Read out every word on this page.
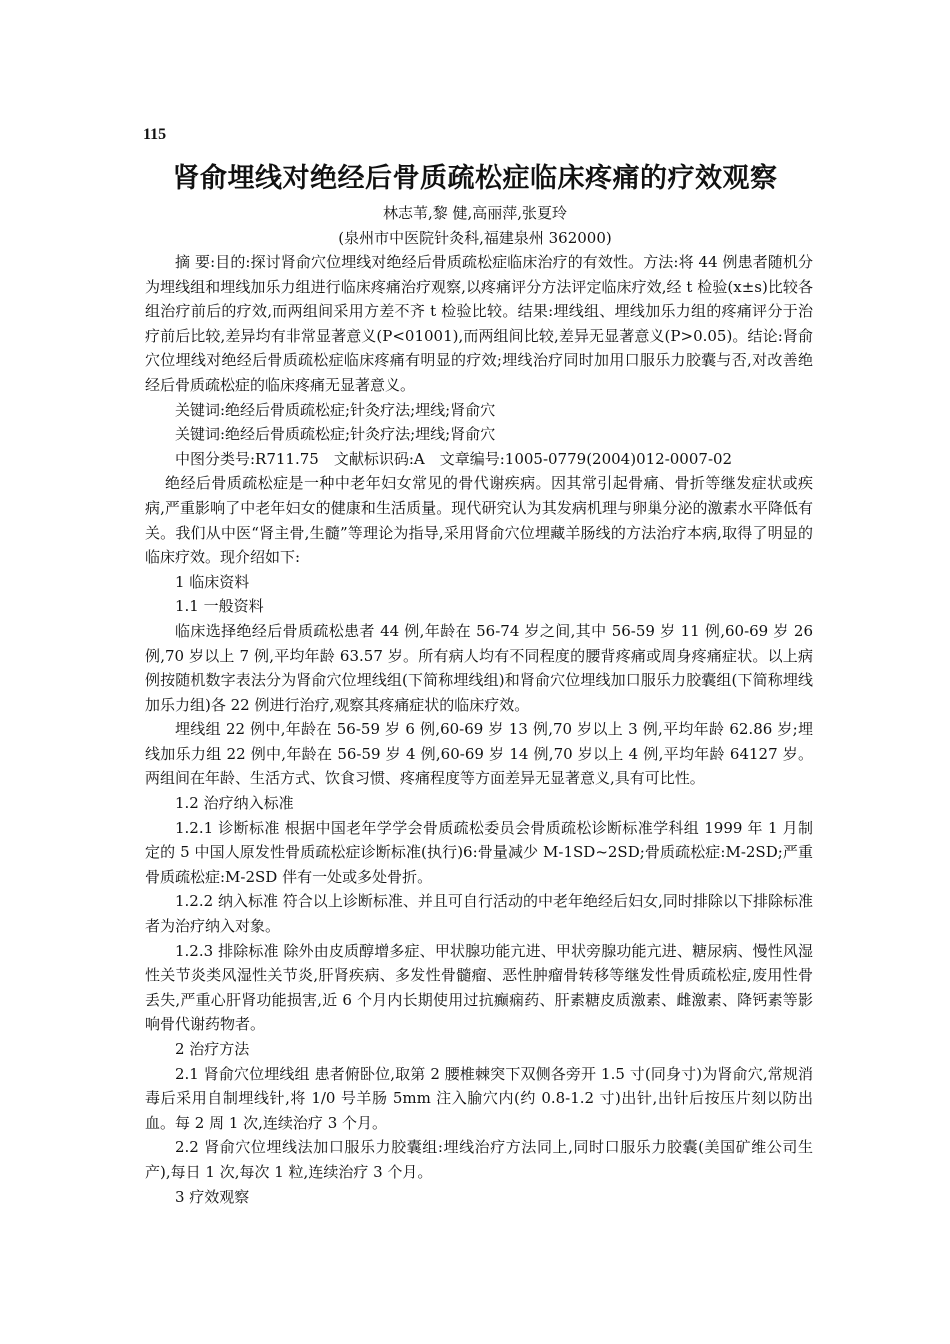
115
肾俞埋线对绝经后骨质疏松症临床疼痛的疗效观察
林志苇,黎 健,高丽萍,张夏玲
(泉州市中医院针灸科,福建泉州 362000)

摘 要:目的:探讨肾俞穴位埋线对绝经后骨质疏松症临床治疗的有效性。方法:将 44 例患者随机分为埋线组和埋线加乐力组进行临床疼痛治疗观察,以疼痛评分方法评定临床疗效,经 t 检验(x±s)比较各组治疗前后的疗效,而两组间采用方差不齐 t 检验比较。结果:埋线组、埋线加乐力组的疼痛评分于治疗前后比较,差异均有非常显著意义(P<01001),而两组间比较,差异无显著意义(P>0.05)。结论:肾俞穴位埋线对绝经后骨质疏松症临床疼痛有明显的疗效;埋线治疗同时加用口服乐力胶囊与否,对改善绝经后骨质疏松症的临床疼痛无显著意义。

关键词:绝经后骨质疏松症;针灸疗法;埋线;肾俞穴

关键词:绝经后骨质疏松症;针灸疗法;埋线;肾俞穴

中图分类号:R711.75　文献标识码:A　文章编号:1005-0779(2004)012-0007-02

绝经后骨质疏松症是一种中老年妇女常见的骨代谢疾病。因其常引起骨痛、骨折等继发症状或疾病,严重影响了中老年妇女的健康和生活质量。现代研究认为其发病机理与卵巢分泌的激素水平降低有关。我们从中医“肾主骨,生髓”等理论为指导,采用肾俞穴位埋藏羊肠线的方法治疗本病,取得了明显的临床疗效。现介绍如下:

1 临床资料

1.1 一般资料

临床选择绝经后骨质疏松患者 44 例,年龄在 56-74 岁之间,其中 56-59 岁 11 例,60-69 岁 26 例,70 岁以上 7 例,平均年龄 63.57 岁。所有病人均有不同程度的腰背疼痛或周身疼痛症状。以上病例按随机数字表法分为肾俞穴位埋线组(下简称埋线组)和肾俞穴位埋线加口服乐力胶囊组(下简称埋线加乐力组)各 22 例进行治疗,观察其疼痛症状的临床疗效。

埋线组 22 例中,年龄在 56-59 岁 6 例,60-69 岁 13 例,70 岁以上 3 例,平均年龄 62.86 岁;埋线加乐力组 22 例中,年龄在 56-59 岁 4 例,60-69 岁 14 例,70 岁以上 4 例,平均年龄 64127 岁。两组间在年龄、生活方式、饮食习惯、疼痛程度等方面差异无显著意义,具有可比性。

1.2 治疗纳入标准

1.2.1 诊断标准 根据中国老年学学会骨质疏松委员会骨质疏松诊断标准学科组 1999 年 1 月制定的 5 中国人原发性骨质疏松症诊断标准(执行)6:骨量减少 M-1SD~2SD;骨质疏松症:M-2SD;严重骨质疏松症:M-2SD 伴有一处或多处骨折。

1.2.2 纳入标准 符合以上诊断标准、并且可自行活动的中老年绝经后妇女,同时排除以下排除标准者为治疗纳入对象。

1.2.3 排除标准 除外由皮质醇增多症、甲状腺功能亢进、甲状旁腺功能亢进、糖尿病、慢性风湿性关节炎类风湿性关节炎,肝肾疾病、多发性骨髓瘤、恶性肿瘤骨转移等继发性骨质疏松症,废用性骨丢失,严重心肝肾功能损害,近 6 个月内长期使用过抗癫痫药、肝素糖皮质激素、雌激素、降钙素等影响骨代谢药物者。

2 治疗方法

2.1 肾俞穴位埋线组 患者俯卧位,取第 2 腰椎棘突下双侧各旁开 1.5 寸(同身寸)为肾俞穴,常规消毒后采用自制埋线针,将 1/0 号羊肠 5mm 注入腧穴内(约 0.8-1.2 寸)出针,出针后按压片刻以防出血。每 2 周 1 次,连续治疗 3 个月。

2.2 肾俞穴位埋线法加口服乐力胶囊组:埋线治疗方法同上,同时口服乐力胶囊(美国矿维公司生产),每日 1 次,每次 1 粒,连续治疗 3 个月。

3 疗效观察
